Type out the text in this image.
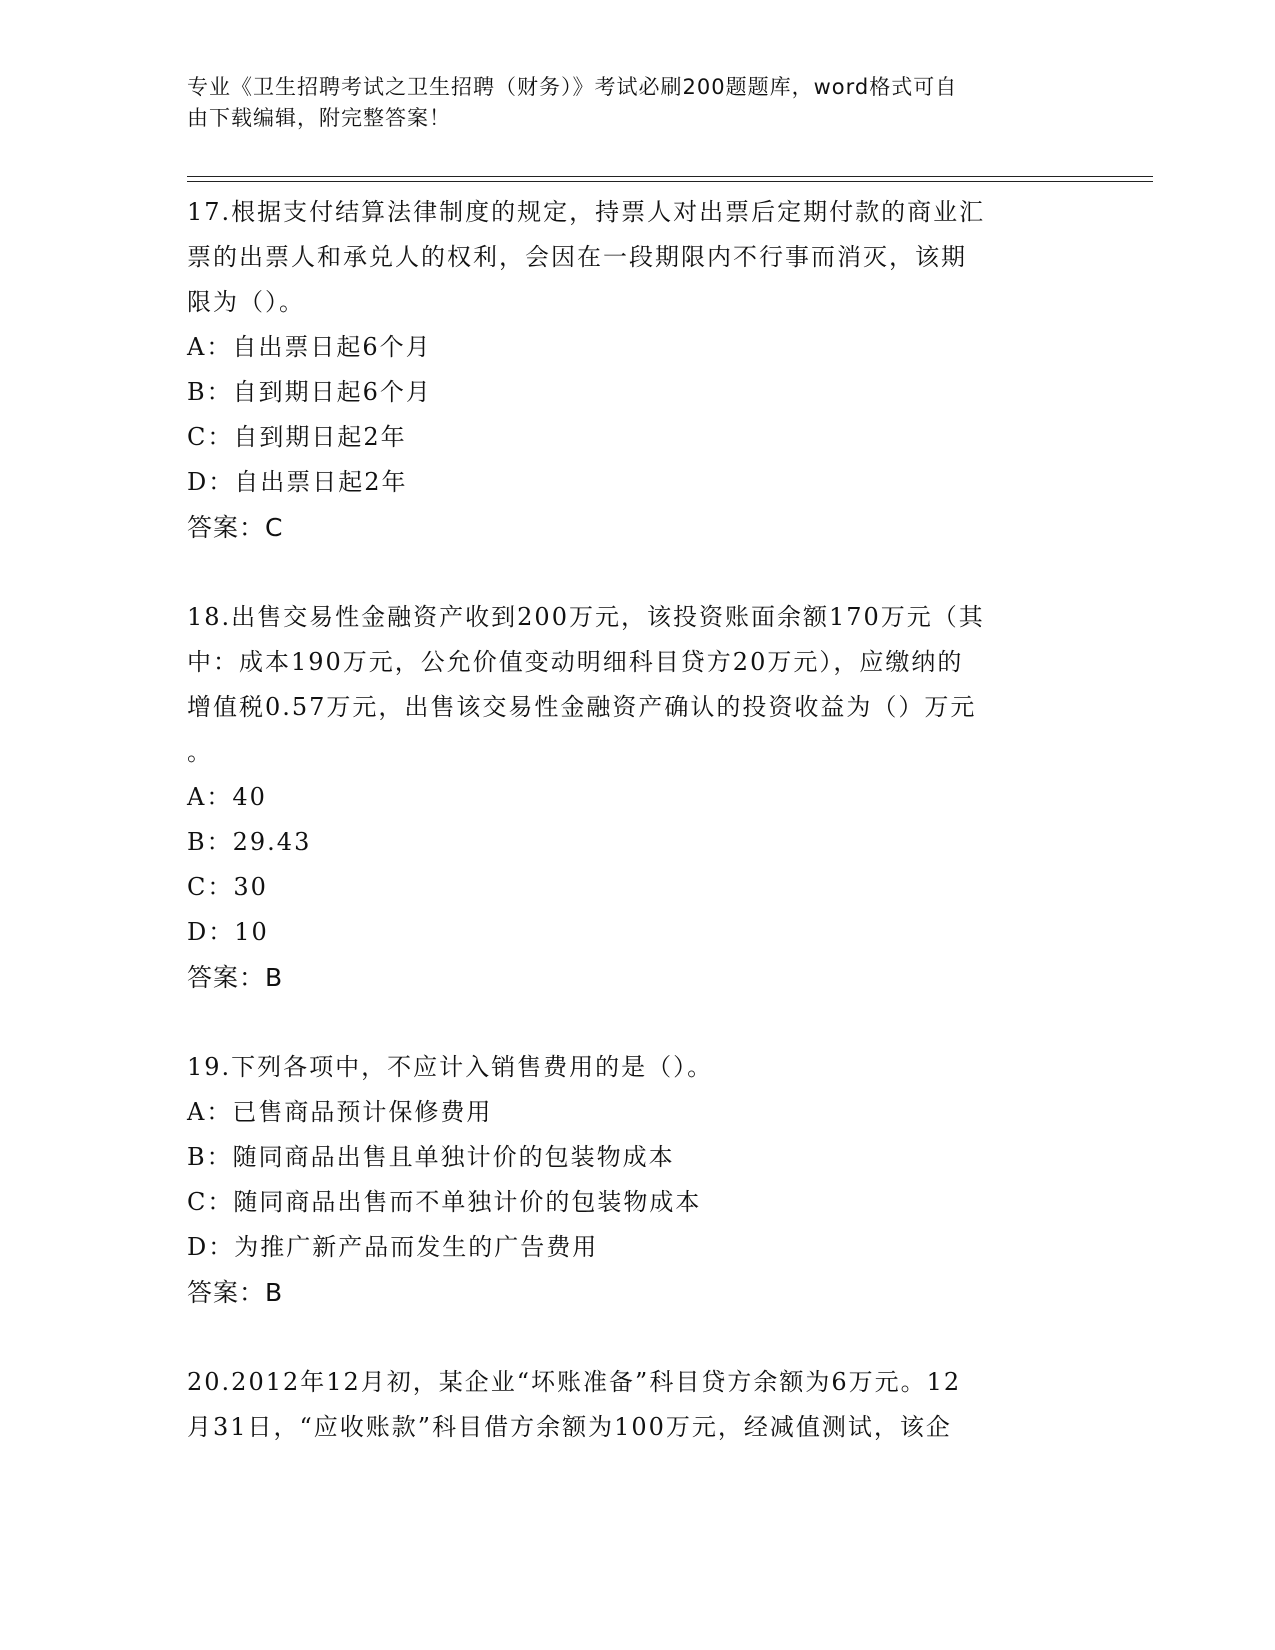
专业《卫生招聘考试之卫生招聘（财务）》考试必刷200题题库，word格式可自
由下载编辑，附完整答案！
17.根据支付结算法律制度的规定，持票人对出票后定期付款的商业汇
票的出票人和承兑人的权利，会因在一段期限内不行事而消灭，该期
限为（）。
A：自出票日起6个月
B：自到期日起6个月
C：自到期日起2年
D：自出票日起2年
答案：C
18.出售交易性金融资产收到200万元，该投资账面余额170万元（其
中：成本190万元，公允价值变动明细科目贷方20万元），应缴纳的
增值税0.57万元，出售该交易性金融资产确认的投资收益为（）万元
。
A：40
B：29.43
C：30
D：10
答案：B
19.下列各项中，不应计入销售费用的是（）。
A：已售商品预计保修费用
B：随同商品出售且单独计价的包装物成本
C：随同商品出售而不单独计价的包装物成本
D：为推广新产品而发生的广告费用
答案：B
20.2012年12月初，某企业“坏账准备”科目贷方余额为6万元。12
月31日，“应收账款”科目借方余额为100万元，经减值测试，该企
